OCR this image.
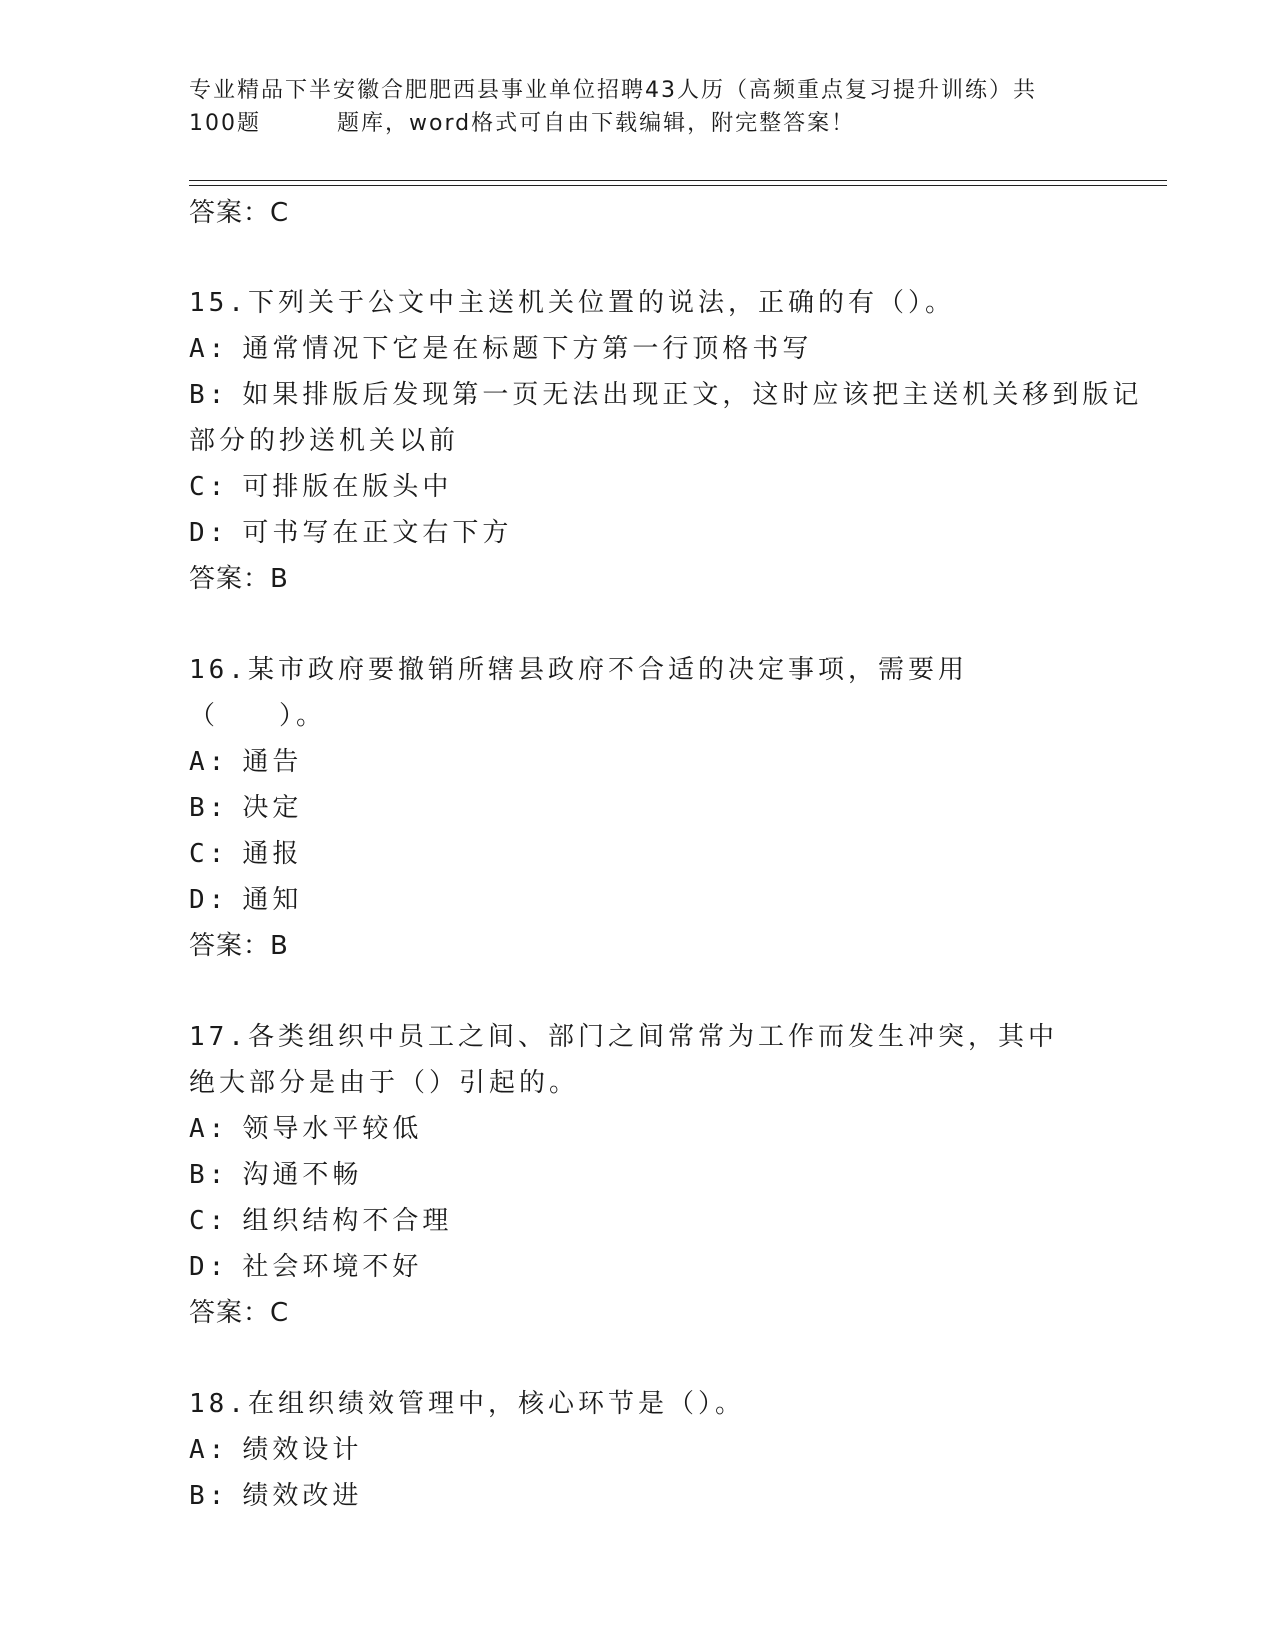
专业精品下半安徽合肥肥西县事业单位招聘43人历（高频重点复习提升训练）共
100题	题库，word格式可自由下载编辑，附完整答案！
答案：C
15.下列关于公文中主送机关位置的说法，正确的有（）。
A: 通常情况下它是在标题下方第一行顶格书写
B: 如果排版后发现第一页无法出现正文，这时应该把主送机关移到版记部分的抄送机关以前
C: 可排版在版头中
D: 可书写在正文右下方
答案：B
16.某市政府要撤销所辖县政府不合适的决定事项，需要用（　　）。
A: 通告
B: 决定
C: 通报
D: 通知
答案：B
17.各类组织中员工之间、部门之间常常为工作而发生冲突，其中绝大部分是由于（）引起的。
A: 领导水平较低
B: 沟通不畅
C: 组织结构不合理
D: 社会环境不好
答案：C
18.在组织绩效管理中，核心环节是（）。
A: 绩效设计
B: 绩效改进
